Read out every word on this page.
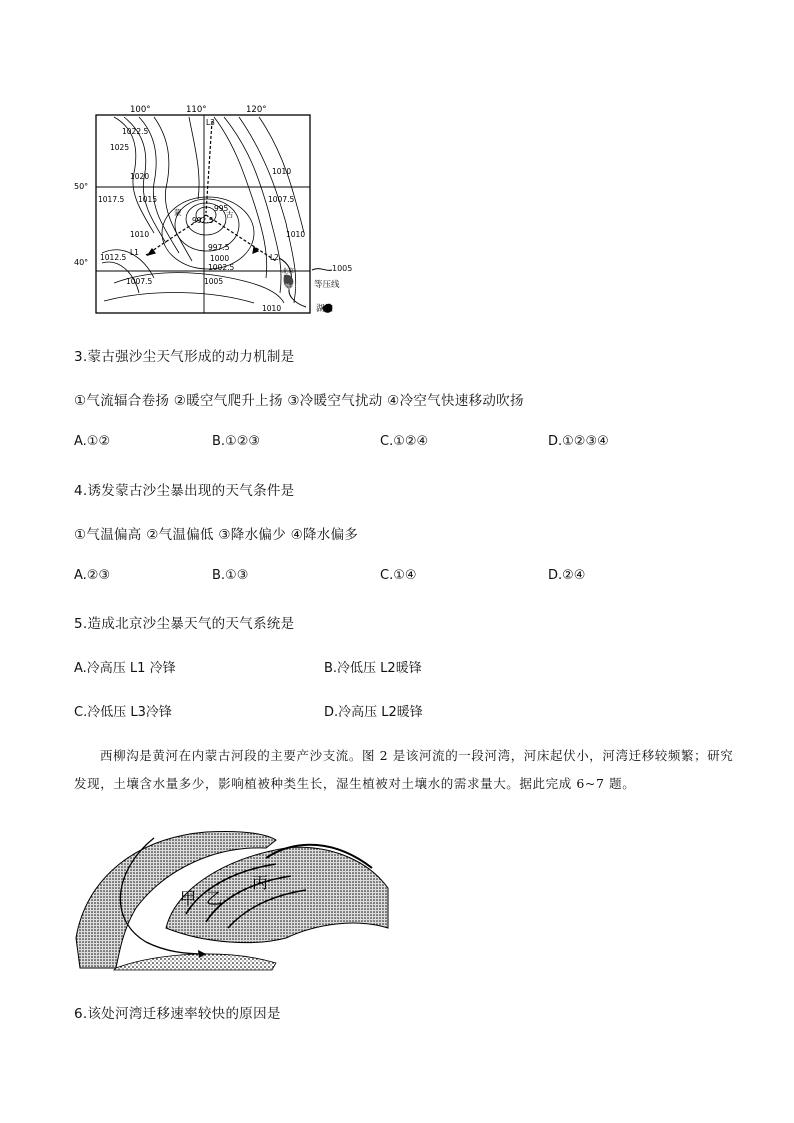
100°	110°	120°
1022.5
1025
1020
1017.5 1015
1010
1012.5
1007.5	1005
997.5
1000
1002.5
992.5
995
1010
1007.5
1010
1010
50°
40°
蒙	古
L1
L2
L3
北京
渤海
1005
等压线
湖泊
3.蒙古强沙尘天气形成的动力机制是
①气流辐合卷扬 ②暖空气爬升上扬 ③冷暖空气扰动 ④冷空气快速移动吹扬
A.①②	B.①②③	C.①②④	D.①②③④
4.诱发蒙古沙尘暴出现的天气条件是
①气温偏高 ②气温偏低 ③降水偏少 ④降水偏多
A.②③	B.①③	C.①④	D.②④
5.造成北京沙尘暴天气的天气系统是
A.冷高压 L1 冷锋	B.冷低压 L2暖锋
C.冷低压 L3冷锋	D.冷高压 L2暖锋
西柳沟是黄河在内蒙古河段的主要产沙支流。图 2 是该河流的一段河湾，河床起伏小，河湾迁移较频繁；研究发现，土壤含水量多少，影响植被种类生长，湿生植被对土壤水的需求量大。据此完成 6~7 题。
甲 乙
丙
6.该处河湾迁移速率较快的原因是
